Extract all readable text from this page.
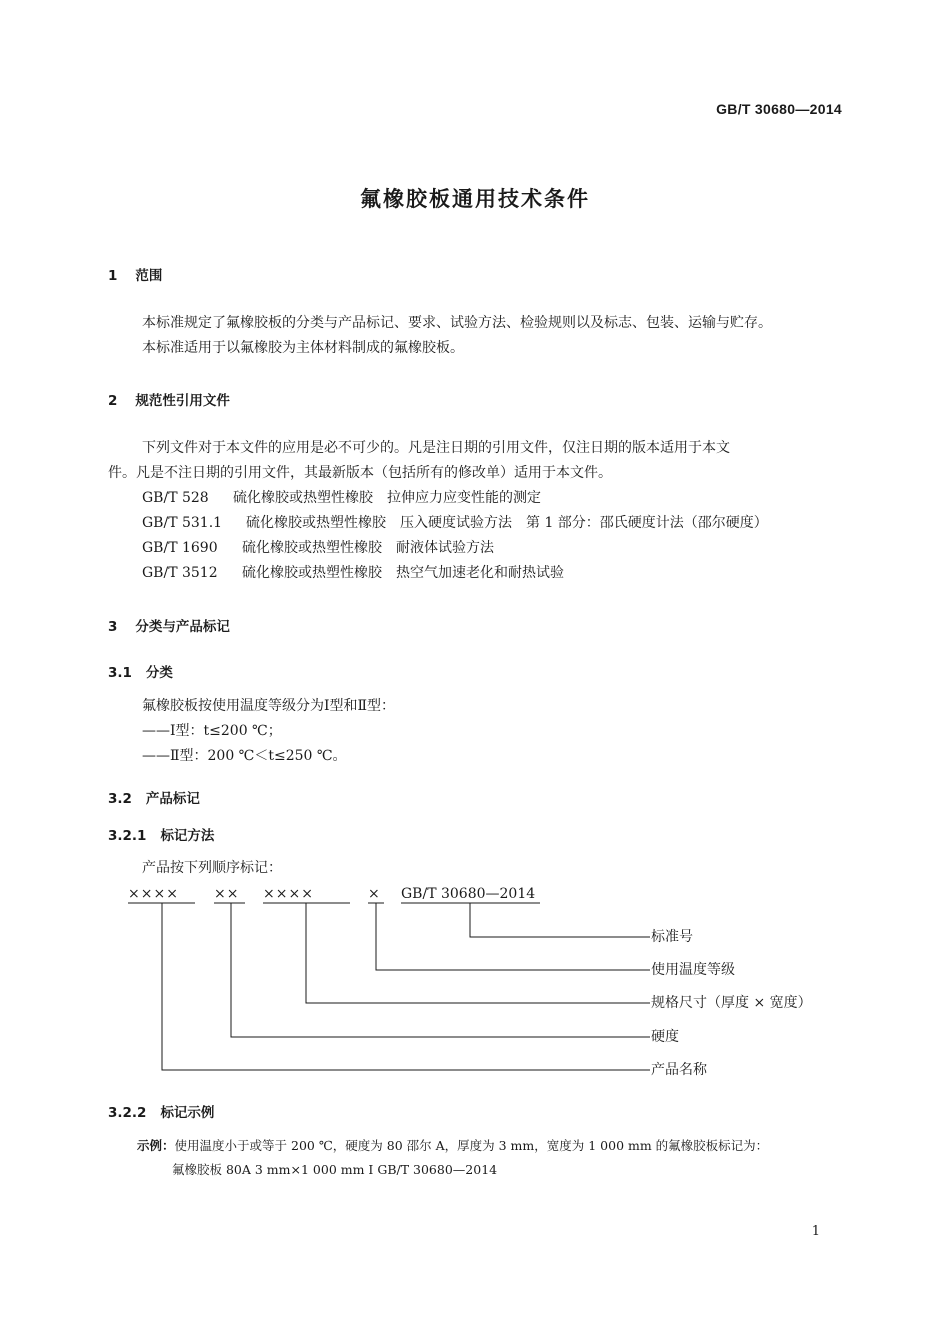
GB/T 30680—2014
氟橡胶板通用技术条件
1 范围
本标准规定了氟橡胶板的分类与产品标记、要求、试验方法、检验规则以及标志、包装、运输与贮存。
本标准适用于以氟橡胶为主体材料制成的氟橡胶板。
2 规范性引用文件
下列文件对于本文件的应用是必不可少的。凡是注日期的引用文件，仅注日期的版本适用于本文
件。凡是不注日期的引用文件，其最新版本（包括所有的修改单）适用于本文件。
GB/T 528 硫化橡胶或热塑性橡胶　拉伸应力应变性能的测定
GB/T 531.1 硫化橡胶或热塑性橡胶　压入硬度试验方法　第 1 部分：邵氏硬度计法（邵尔硬度）
GB/T 1690 硫化橡胶或热塑性橡胶　耐液体试验方法
GB/T 3512 硫化橡胶或热塑性橡胶　热空气加速老化和耐热试验
3 分类与产品标记
3.1 分类
氟橡胶板按使用温度等级分为Ⅰ型和Ⅱ型：
——Ⅰ型：t≤200 ℃；
——Ⅱ型：200 ℃＜t≤250 ℃。
3.2 产品标记
3.2.1 标记方法
产品按下列顺序标记：
××××	×× ××××	× GB/T 30680—2014
标准号
使用温度等级
规格尺寸（厚度 × 宽度）
硬度
产品名称
3.2.2 标记示例
示例：使用温度小于或等于 200 ℃，硬度为 80 邵尔 A，厚度为 3 mm，宽度为 1 000 mm 的氟橡胶板标记为：
氟橡胶板 80A 3 mm×1 000 mm Ⅰ GB/T 30680—2014
1
